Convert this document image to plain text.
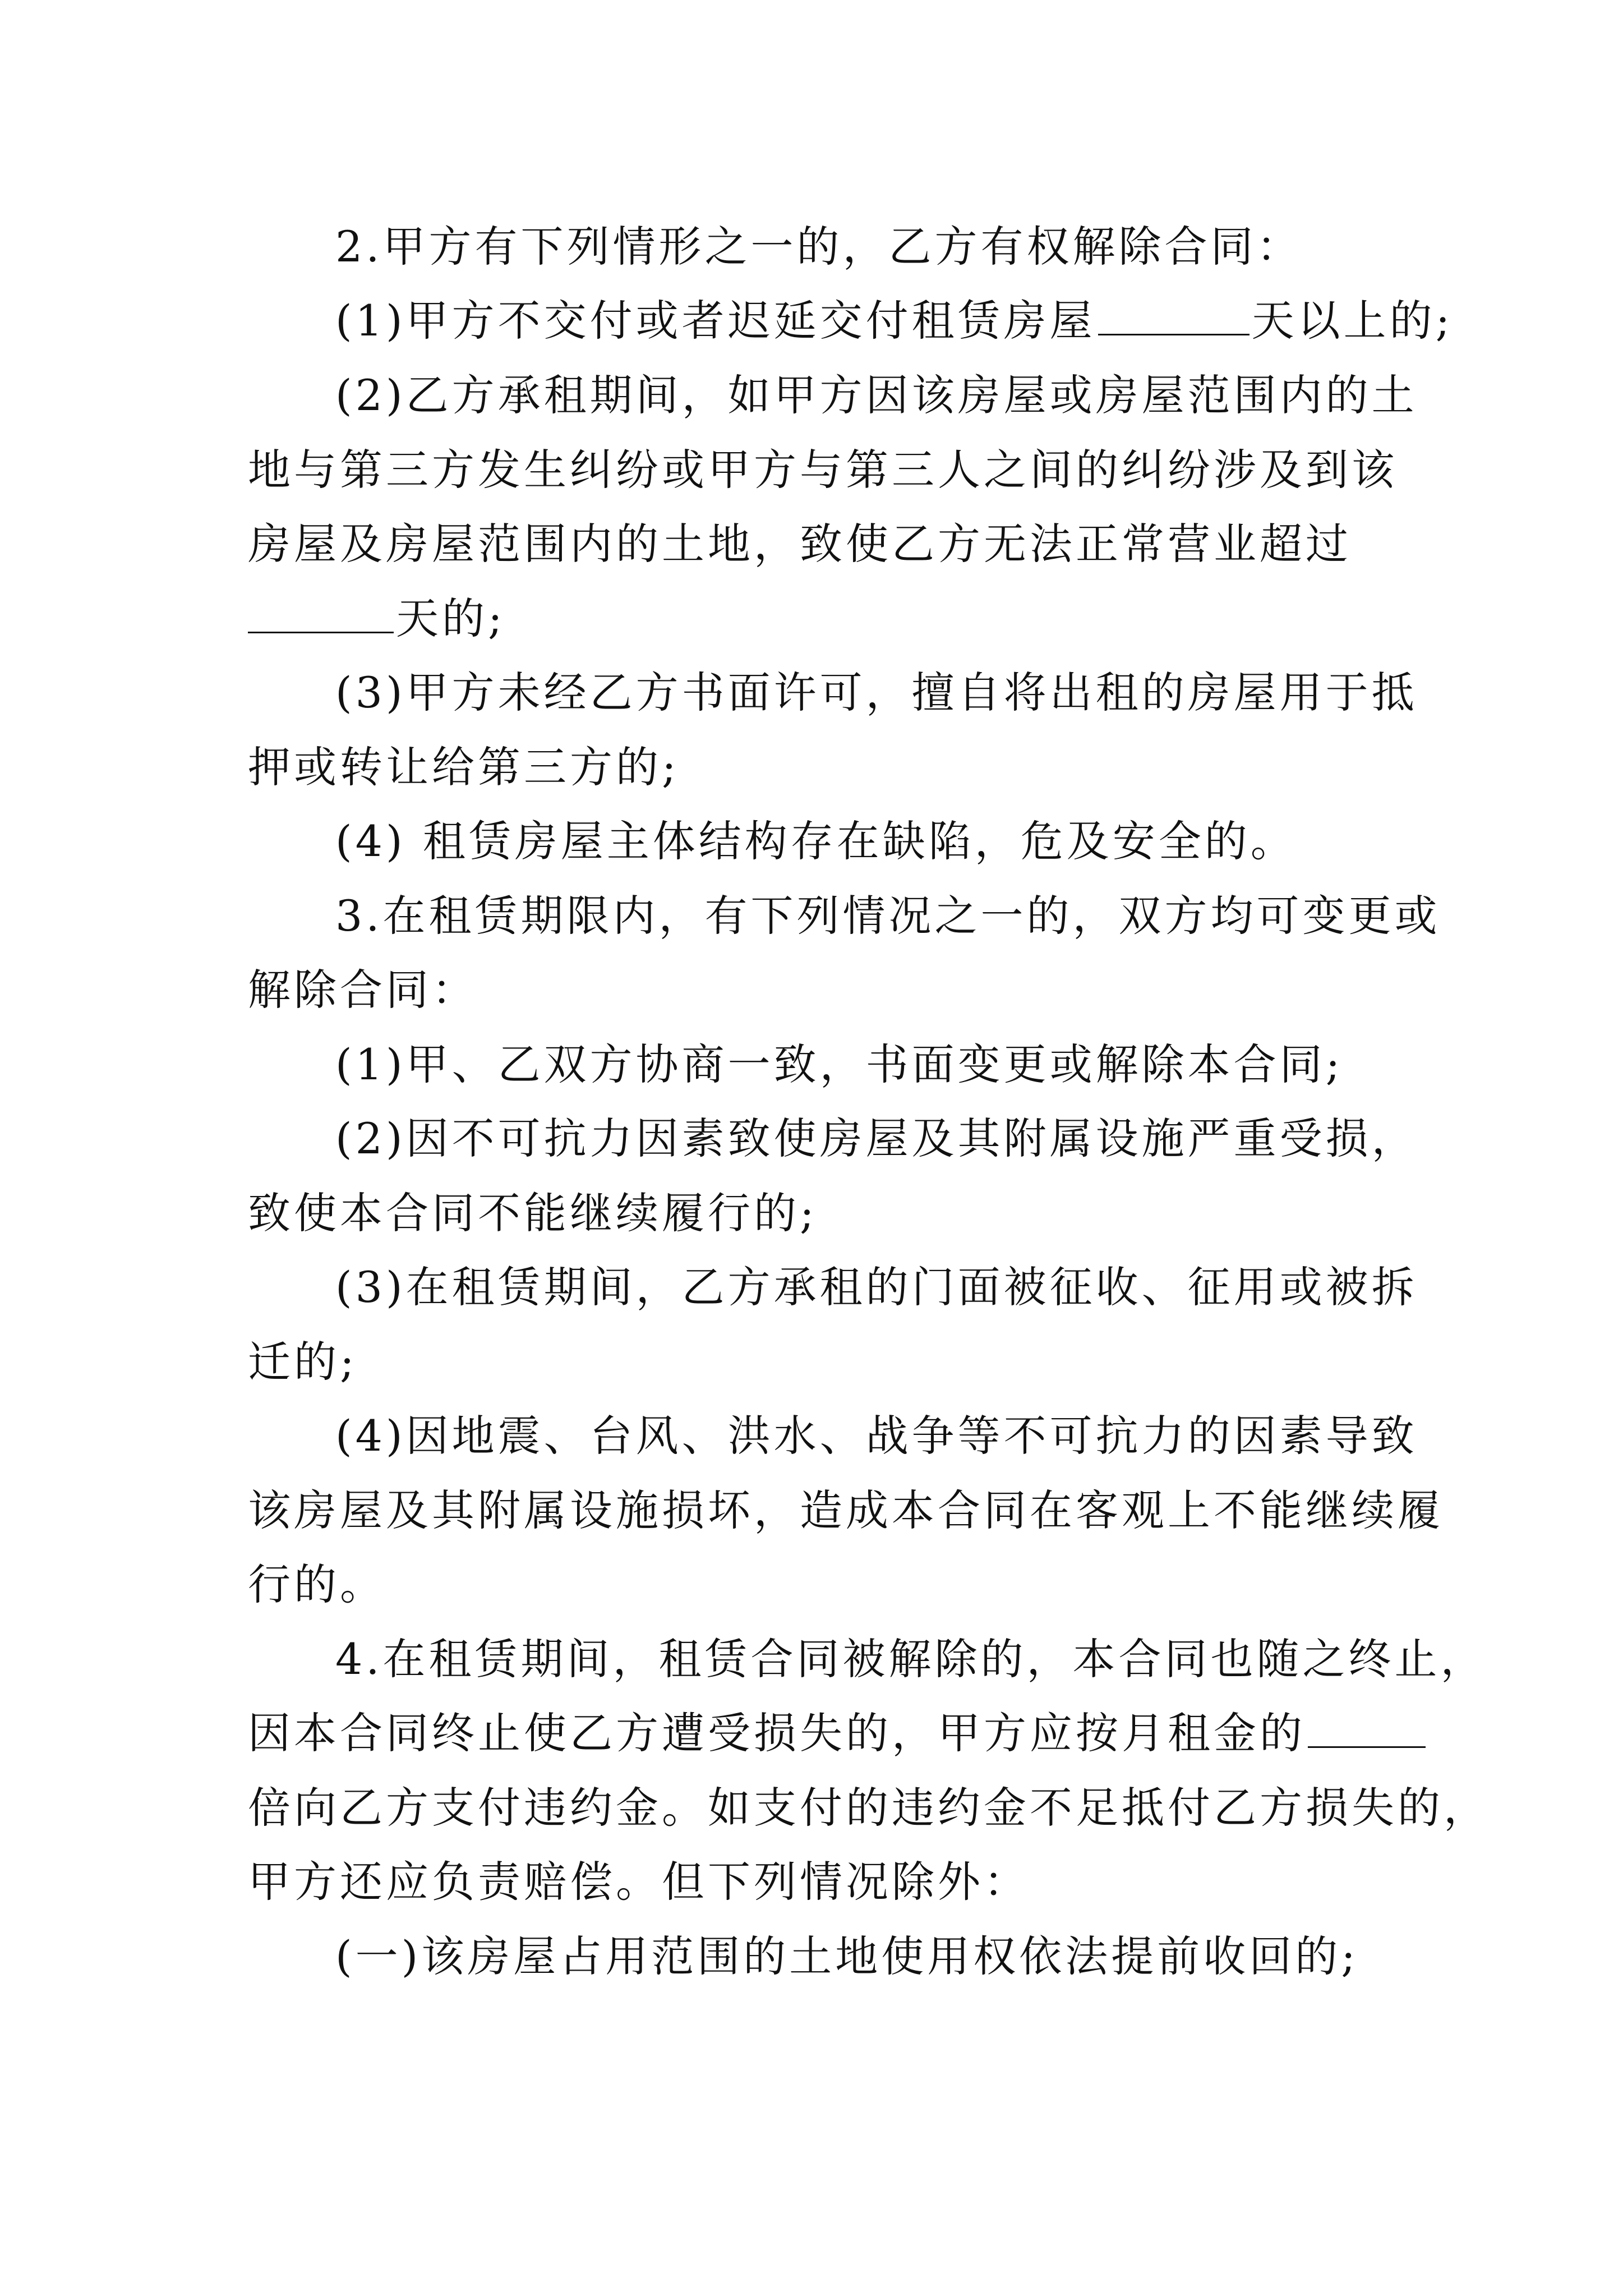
2.甲方有下列情形之一的，乙方有权解除合同：
(1)甲方不交付或者迟延交付租赁房屋	天以上的;
(2)乙方承租期间，如甲方因该房屋或房屋范围内的土
地与第三方发生纠纷或甲方与第三人之间的纠纷涉及到该
房屋及房屋范围内的土地，致使乙方无法正常营业超过
天的;
(3)甲方未经乙方书面许可，擅自将出租的房屋用于抵
押或转让给第三方的;
(4) 租赁房屋主体结构存在缺陷，危及安全的。
3.在租赁期限内，有下列情况之一的，双方均可变更或
解除合同：
(1)甲、乙双方协商一致，书面变更或解除本合同;
(2)因不可抗力因素致使房屋及其附属设施严重受损，
致使本合同不能继续履行的;
(3)在租赁期间，乙方承租的门面被征收、征用或被拆
迁的;
(4)因地震、台风、洪水、战争等不可抗力的因素导致
该房屋及其附属设施损坏，造成本合同在客观上不能继续履
行的。
4.在租赁期间，租赁合同被解除的，本合同也随之终止，
因本合同终止使乙方遭受损失的，甲方应按月租金的
倍向乙方支付违约金。如支付的违约金不足抵付乙方损失的，
甲方还应负责赔偿。但下列情况除外：
(一)该房屋占用范围的土地使用权依法提前收回的;
